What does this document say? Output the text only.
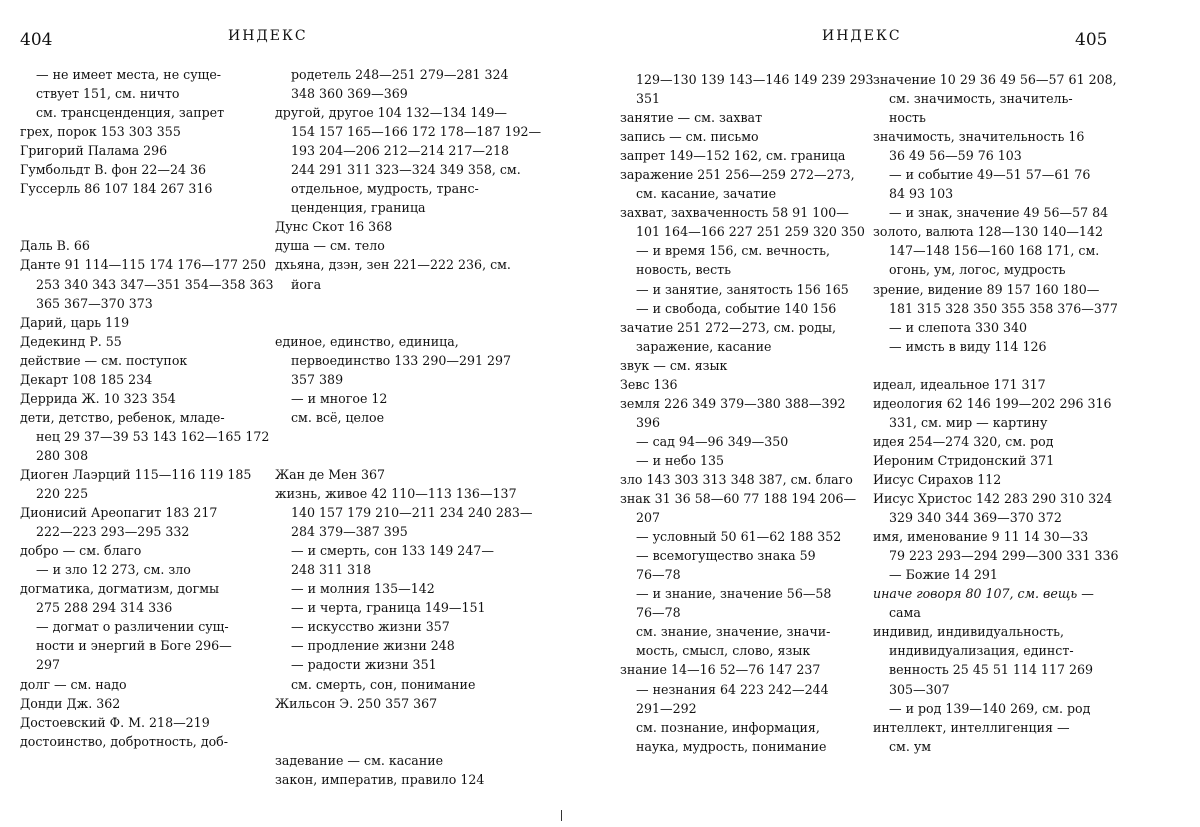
404	ИНДЕКС
— не имеет места, не суще-
ствует 151, см. ничто
см. трансценденция, запрет
грех, порок 153 303 355
Григорий Палама 296
Гумбольдт В. фон 22—24 36
Гуссерль 86 107 184 267 316
Даль В. 66
Данте 91 114—115 174 176—177 250
253 340 343 347—351 354—358 363
365 367—370 373
Дарий, царь 119
Дедекинд Р. 55
действие — см. поступок
Декарт 108 185 234
Деррида Ж. 10 323 354
дети, детство, ребенок, младе-
нец 29 37—39 53 143 162—165 172
280 308
Диоген Лаэрций 115—116 119 185
220 225
Дионисий Ареопагит 183 217
222—223 293—295 332
добро — см. благо
— и зло 12 273, см. зло
догматика, догматизм, догмы
275 288 294 314 336
— догмат о различении сущ-
ности и энергий в Боге 296—
297
долг — см. надо
Донди Дж. 362
Достоевский Ф. М. 218—219
достоинство, добротность, доб-
родетель 248—251 279—281 324
348 360 369—369
другой, другое 104 132—134 149—
154 157 165—166 172 178—187 192—
193 204—206 212—214 217—218
244 291 311 323—324 349 358, см.
отдельное, мудрость, транс-
ценденция, граница
Дунс Скот 16 368
душа — см. тело
дхьяна, дзэн, зен 221—222 236, см.
йога
единое, единство, единица,
первоединство 133 290—291 297
357 389
— и многое 12
см. всё, целое
Жан де Мен 367
жизнь, живое 42 110—113 136—137
140 157 179 210—211 234 240 283—
284 379—387 395
— и смерть, сон 133 149 247—
248 311 318
— и молния 135—142
— и черта, граница 149—151
— искусство жизни 357
— продление жизни 248
— радости жизни 351
см. смерть, сон, понимание
Жильсон Э. 250 357 367
задевание — см. касание
закон, императив, правило 124
405
ИНДЕКС
129—130 139 143—146 149 239 293
351
занятие — см. захват
запись — см. письмо
запрет 149—152 162, см. граница
заражение 251 256—259 272—273,
см. касание, зачатие
захват, захваченность 58 91 100—
101 164—166 227 251 259 320 350
— и время 156, см. вечность,
новость, весть
— и занятие, занятость 156 165
— и свобода, событие 140 156
зачатие 251 272—273, см. роды,
заражение, касание
звук — см. язык
Зевс 136
земля 226 349 379—380 388—392
396
— сад 94—96 349—350
— и небо 135
зло 143 303 313 348 387, см. благо
знак 31 36 58—60 77 188 194 206—
207
— условный 50 61—62 188 352
— всемогущество знака 59
76—78
— и знание, значение 56—58
76—78
см. знание, значение, значи-
мость, смысл, слово, язык
знание 14—16 52—76 147 237
— незнания 64 223 242—244
291—292
см. познание, информация,
наука, мудрость, понимание
значение 10 29 36 49 56—57 61 208,
см. значимость, значитель-
ность
значимость, значительность 16
36 49 56—59 76 103
— и событие 49—51 57—61 76
84 93 103
— и знак, значение 49 56—57 84
золото, валюта 128—130 140—142
147—148 156—160 168 171, см.
огонь, ум, логос, мудрость
зрение, видение 89 157 160 180—
181 315 328 350 355 358 376—377
— и слепота 330 340
— имсть в виду 114 126
идеал, идеальное 171 317
идеология 62 146 199—202 296 316
331, см. мир — картину
идея 254—274 320, см. род
Иероним Стридонский 371
Иисус Сирахов 112
Иисус Христос 142 283 290 310 324
329 340 344 369—370 372
имя, именование 9 11 14 30—33
79 223 293—294 299—300 331 336
— Божие 14 291
иначе говоря 80 107, см. вещь —
сама
индивид, индивидуальность,
индивидуализация, единст-
венность 25 45 51 114 117 269
305—307
— и род 139—140 269, см. род
интеллект, интеллигенция —
см. ум
